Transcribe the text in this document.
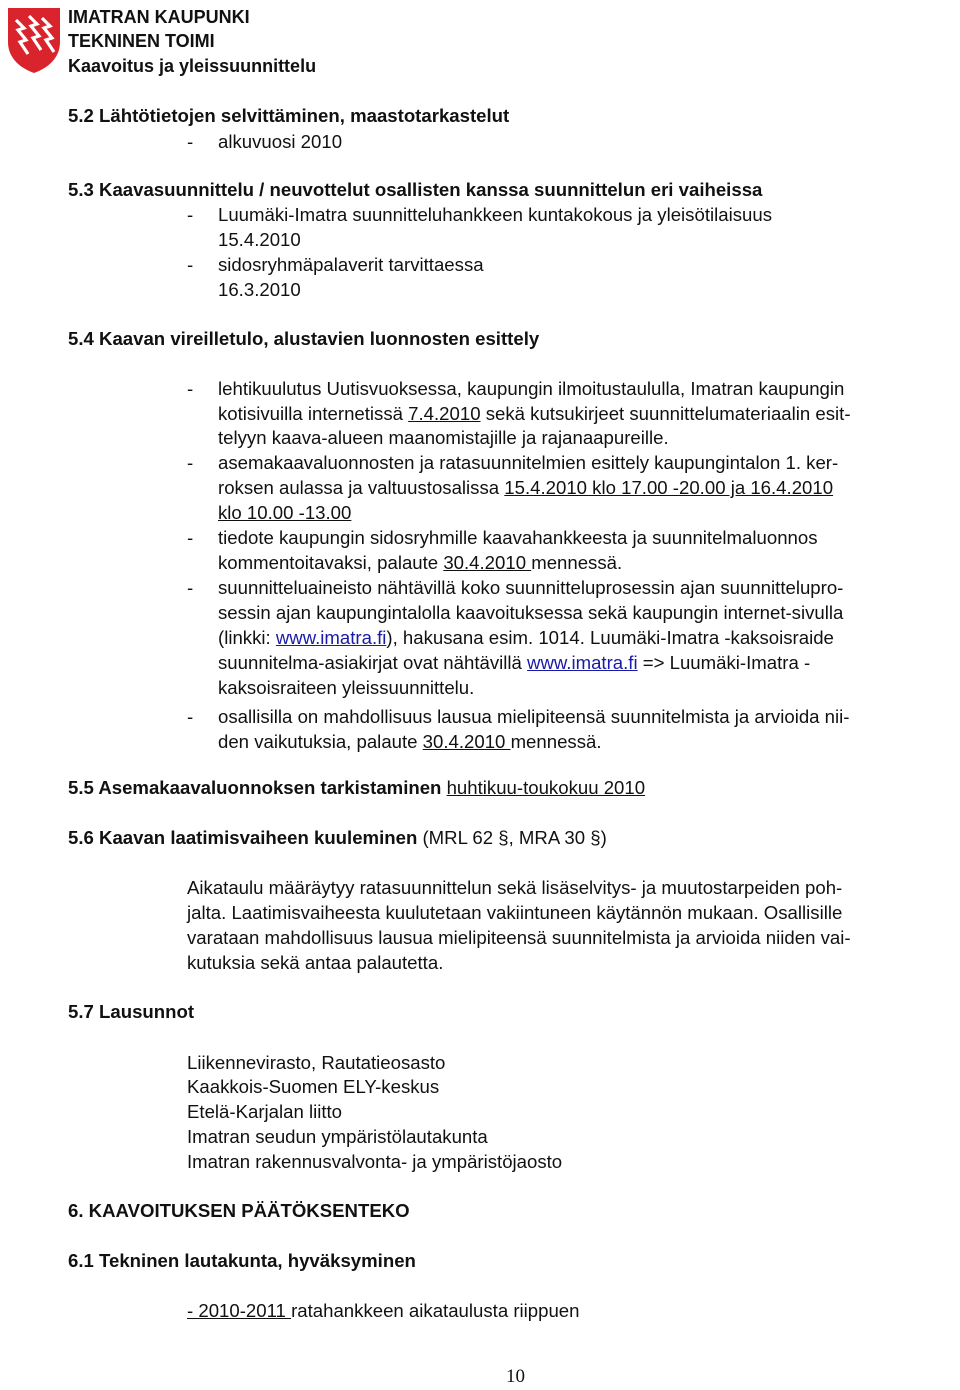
IMATRAN KAUPUNKI
TEKNINEN TOIMI
Kaavoitus ja yleissuunnittelu
5.2 Lähtötietojen selvittäminen, maastotarkastelut
- alkuvuosi 2010
5.3 Kaavasuunnittelu / neuvottelut osallisten kanssa suunnittelun eri vaiheissa
- Luumäki-Imatra suunnitteluhankkeen kuntakokous ja yleisötilaisuus
15.4.2010
- sidosryhmäpalaverit tarvittaessa
16.3.2010
5.4 Kaavan vireilletulo, alustavien luonnosten esittely
- lehtikuulutus Uutisvuoksessa, kaupungin ilmoitustaululla, Imatran kaupungin
kotisivuilla internetissä 7.4.2010 sekä kutsukirjeet suunnittelumateriaalin esit-
telyyn kaava-alueen maanomistajille ja rajanaapureille.
- asemakaavaluonnosten ja ratasuunnitelmien esittely kaupungintalon 1. ker-
roksen aulassa ja valtuustosalissa 15.4.2010 klo 17.00 -20.00 ja 16.4.2010
klo 10.00 -13.00
- tiedote kaupungin sidosryhmille kaavahankkeesta ja suunnitelmaluonnos
kommentoitavaksi, palaute 30.4.2010 mennessä.
- suunnitteluaineisto nähtävillä koko suunnitteluprosessin ajan suunnittelupro-
sessin ajan kaupungintalolla kaavoituksessa sekä kaupungin internet-sivulla
(linkki: www.imatra.fi), hakusana esim. 1014. Luumäki-Imatra -kaksoisraide
suunnitelma-asiakirjat ovat nähtävillä www.imatra.fi => Luumäki-Imatra -
kaksoisraiteen yleissuunnittelu.
- osallisilla on mahdollisuus lausua mielipiteensä suunnitelmista ja arvioida nii-
den vaikutuksia, palaute 30.4.2010 mennessä.
5.5 Asemakaavaluonnoksen tarkistaminen huhtikuu-toukokuu 2010
5.6 Kaavan laatimisvaiheen kuuleminen (MRL 62 §, MRA 30 §)
Aikataulu määräytyy ratasuunnittelun sekä lisäselvitys- ja muutostarpeiden poh-
jalta. Laatimisvaiheesta kuulutetaan vakiintuneen käytännön mukaan. Osallisille
varataan mahdollisuus lausua mielipiteensä suunnitelmista ja arvioida niiden vai-
kutuksia sekä antaa palautetta.
5.7 Lausunnot
Liikennevirasto, Rautatieosasto
Kaakkois-Suomen ELY-keskus
Etelä-Karjalan liitto
Imatran seudun ympäristölautakunta
Imatran rakennusvalvonta- ja ympäristöjaosto
6. KAAVOITUKSEN PÄÄTÖKSENTEKO
6.1 Tekninen lautakunta, hyväksyminen
- 2010-2011 ratahankkeen aikataulusta riippuen
10
